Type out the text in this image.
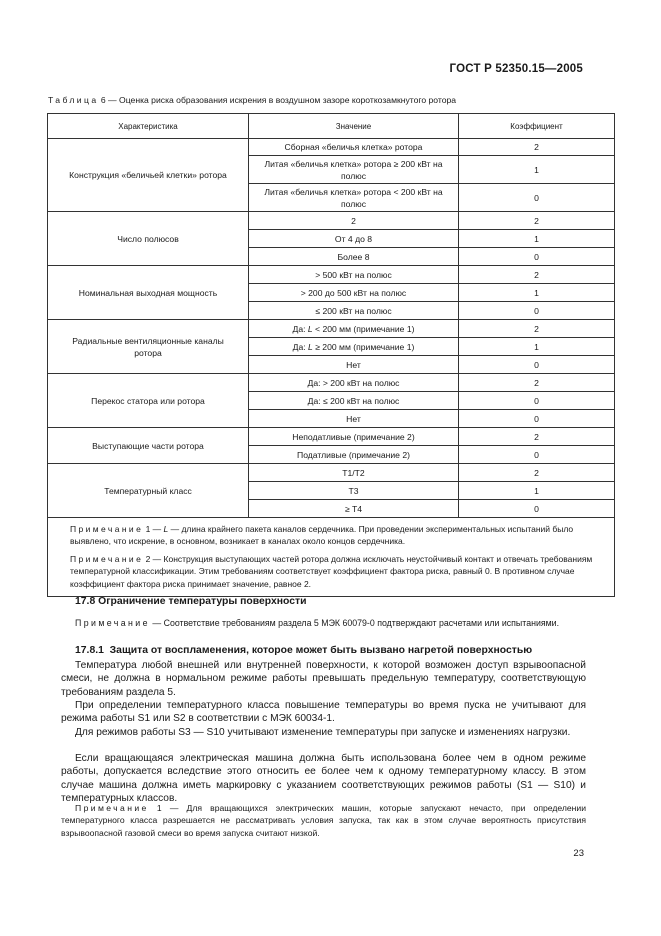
ГОСТ Р 52350.15—2005
Таблица 6 — Оценка риска образования искрения в воздушном зазоре короткозамкнутого ротора
Характеристика	Значение	Коэффициент
Конструкция «беличьей клетки» ротора	Сборная «беличья клетка» ротора	2
	Литая «беличья клетка» ротора ≥ 200 кВт на полюс	1
	Литая «беличья клетка» ротора < 200 кВт на полюс	0
Число полюсов	2	2
	От 4 до 8	1
	Более 8	0
Номинальная выходная мощность	> 500 кВт на полюс	2
	> 200 до 500 кВт на полюс	1
	≤ 200 кВт на полюс	0
Радиальные вентиляционные каналы ротора	Да: L < 200 мм (примечание 1)	2
	Да: L ≥ 200 мм (примечание 1)	1
	Нет	0
Перекос статора или ротора	Да: > 200 кВт на полюс	2
	Да: ≤ 200 кВт на полюс	0
	Нет	0
Выступающие части ротора	Неподатливые (примечание 2)	2
	Податливые (примечание 2)	0
Температурный класс	T1/T2	2
	T3	1
	≥ T4	0

Примечание 1 — L — длина крайнего пакета каналов сердечника. При проведении экспериментальных испытаний было выявлено, что искрение, в основном, возникает в каналах около концов сердечника.

Примечание 2 — Конструкция выступающих частей ротора должна исключать неустойчивый контакт и отвечать требованиям температурной классификации. Этим требованиям соответствует коэффициент фактора риска, равный 0. В противном случае коэффициент фактора риска принимает значение, равное 2.		

17.8 Ограничение температуры поверхности
Примечание — Соответствие требованиям раздела 5 МЭК 60079-0 подтверждают расчетами или испытаниями.
17.8.1 Защита от воспламенения, которое может быть вызвано нагретой поверхностью
Температура любой внешней или внутренней поверхности, к которой возможен доступ взрывоопасной смеси, не должна в нормальном режиме работы превышать предельную температуру, соответствующую требованиям раздела 5.
При определении температурного класса повышение температуры во время пуска не учитывают для режима работы S1 или S2 в соответствии с МЭК 60034-1.
Для режимов работы S3 — S10 учитывают изменение температуры при запуске и изменениях нагрузки.
Если вращающаяся электрическая машина должна быть использована более чем в одном режиме работы, допускается вследствие этого относить ее более чем к одному температурному классу. В этом случае машина должна иметь маркировку с указанием соответствующих режимов работы (S1 — S10) и температурных классов.
Примечание 1 — Для вращающихся электрических машин, которые запускают нечасто, при определении температурного класса разрешается не рассматривать условия запуска, так как в этом случае вероятность присутствия взрывоопасной газовой смеси во время запуска считают низкой.
23
